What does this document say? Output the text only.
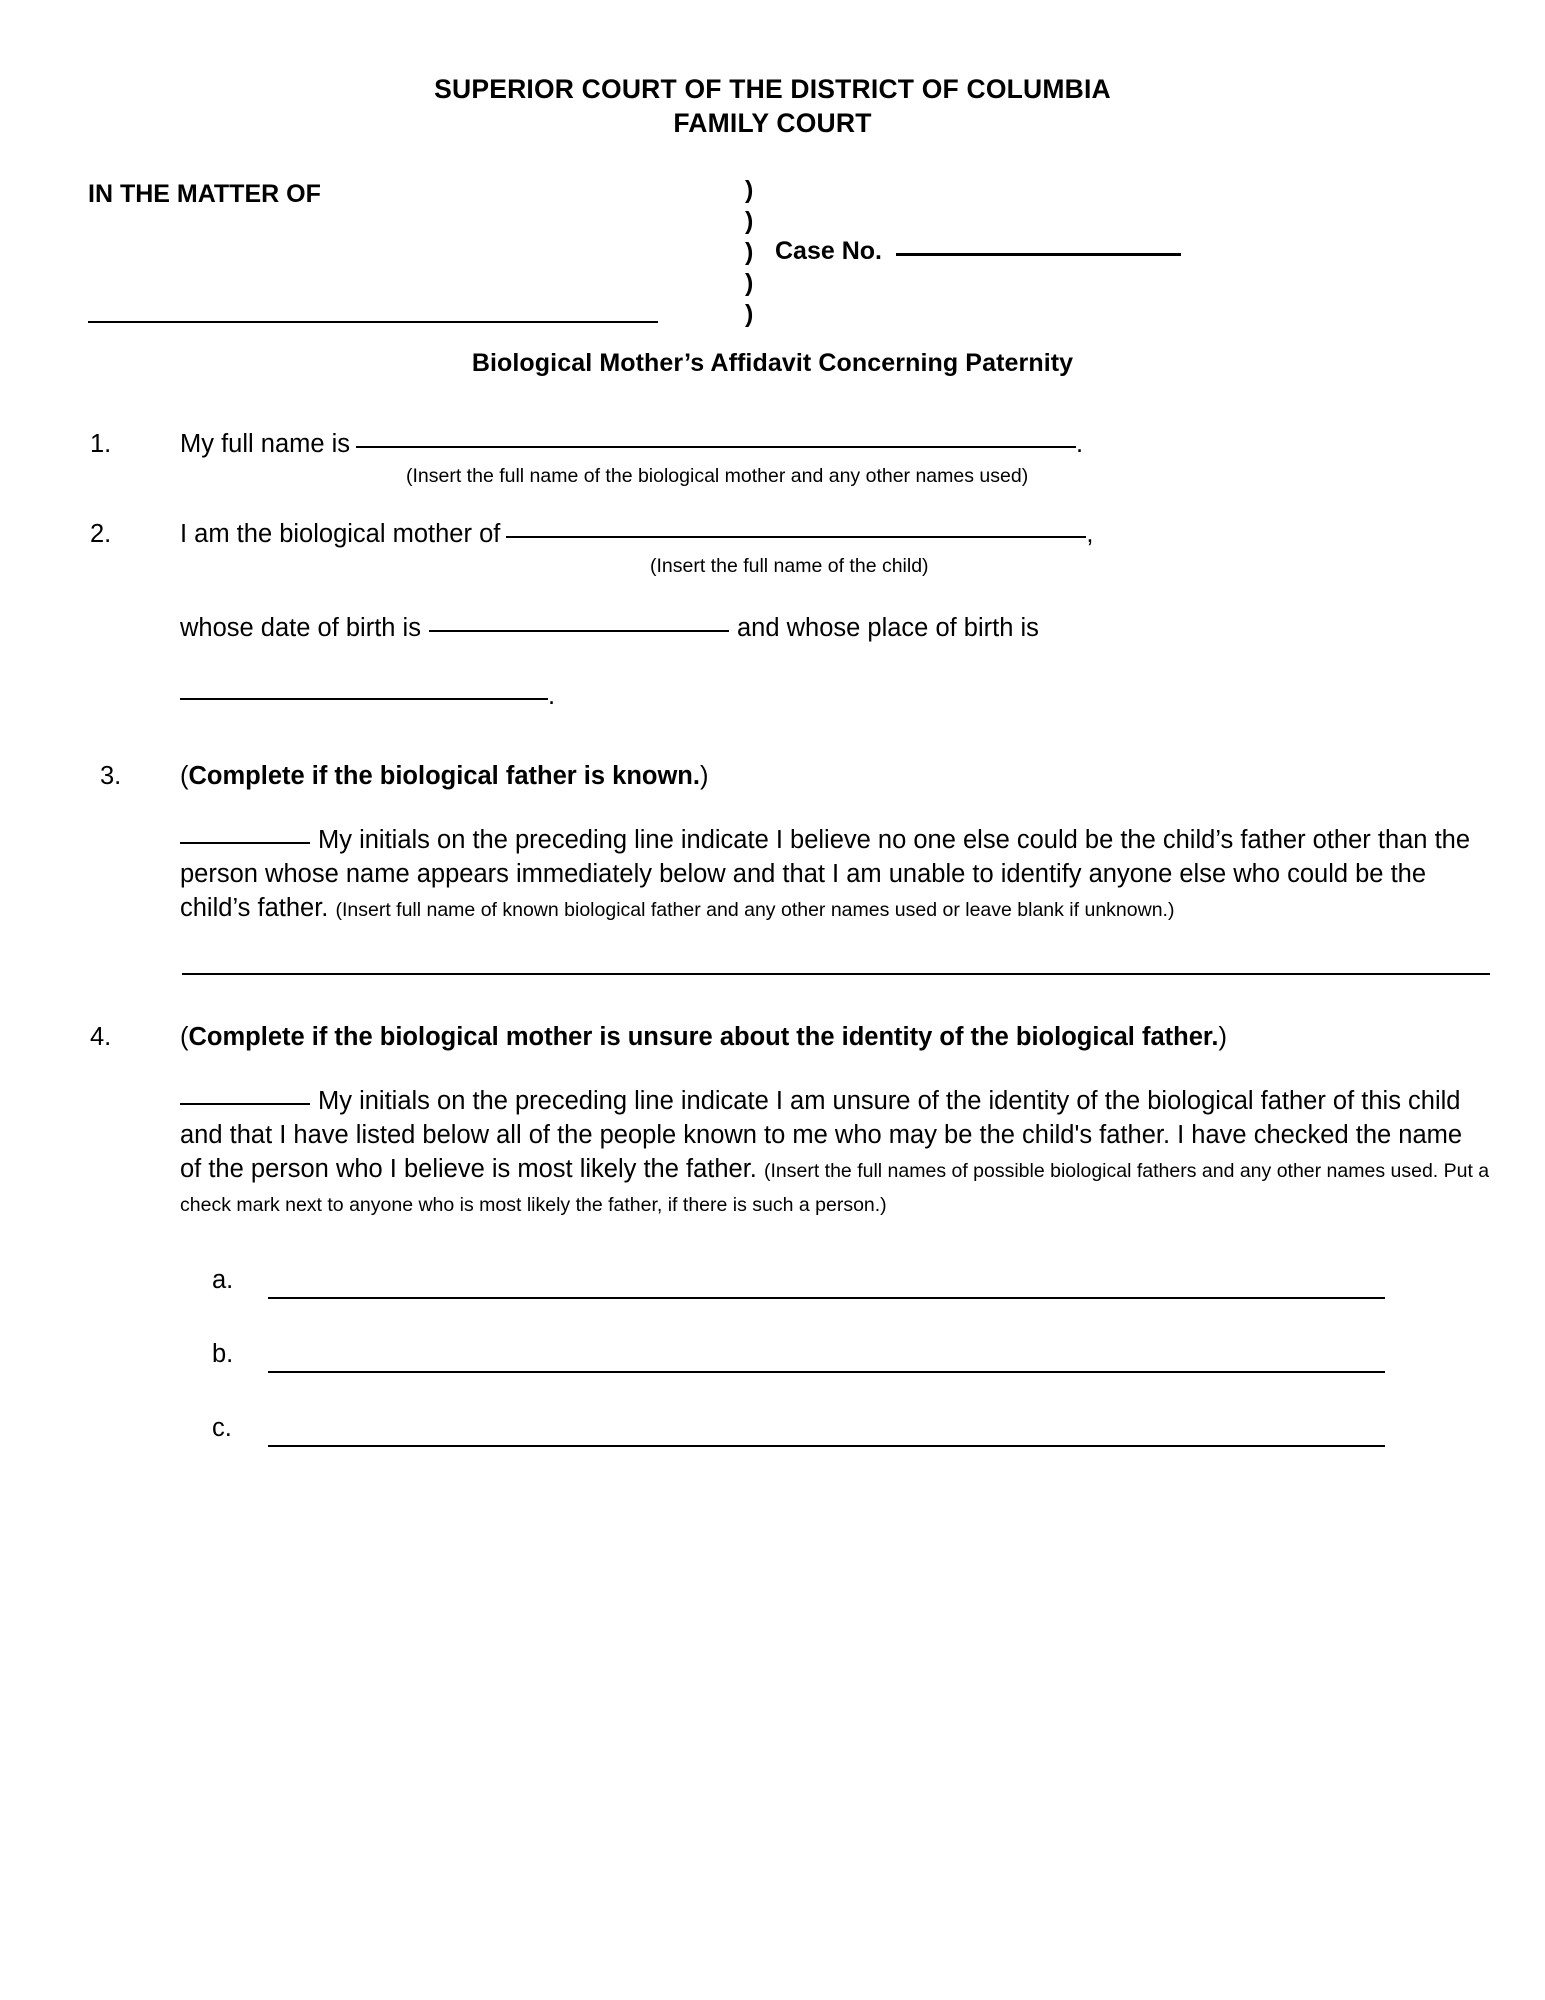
SUPERIOR COURT OF THE DISTRICT OF COLUMBIA
FAMILY COURT
IN THE MATTER OF	)
)
)
)
)
Case No.
Biological Mother’s Affidavit Concerning Paternity
1.	My full name is	.
(Insert the full name of the biological mother and any other names used)
2.	I am the biological mother of	,
(Insert the full name of the child)
whose date of birth is	and whose place of birth is
.
3. (Complete if the biological father is known.)
My initials on the preceding line indicate I believe no one else could be the child’s father other than the person whose name appears immediately below and that I am unable to identify anyone else who could be the child’s father. (Insert full name of known biological father and any other names used or leave blank if unknown.)
4.	(Complete if the biological mother is unsure about the identity of the biological father.)
My initials on the preceding line indicate I am unsure of the identity of the biological father of this child and that I have listed below all of the people known to me who may be the child's father. I have checked the name of the person who I believe is most likely the father. (Insert the full names of possible biological fathers and any other names used. Put a check mark next to anyone who is most likely the father, if there is such a person.)
a.
b.
c.
